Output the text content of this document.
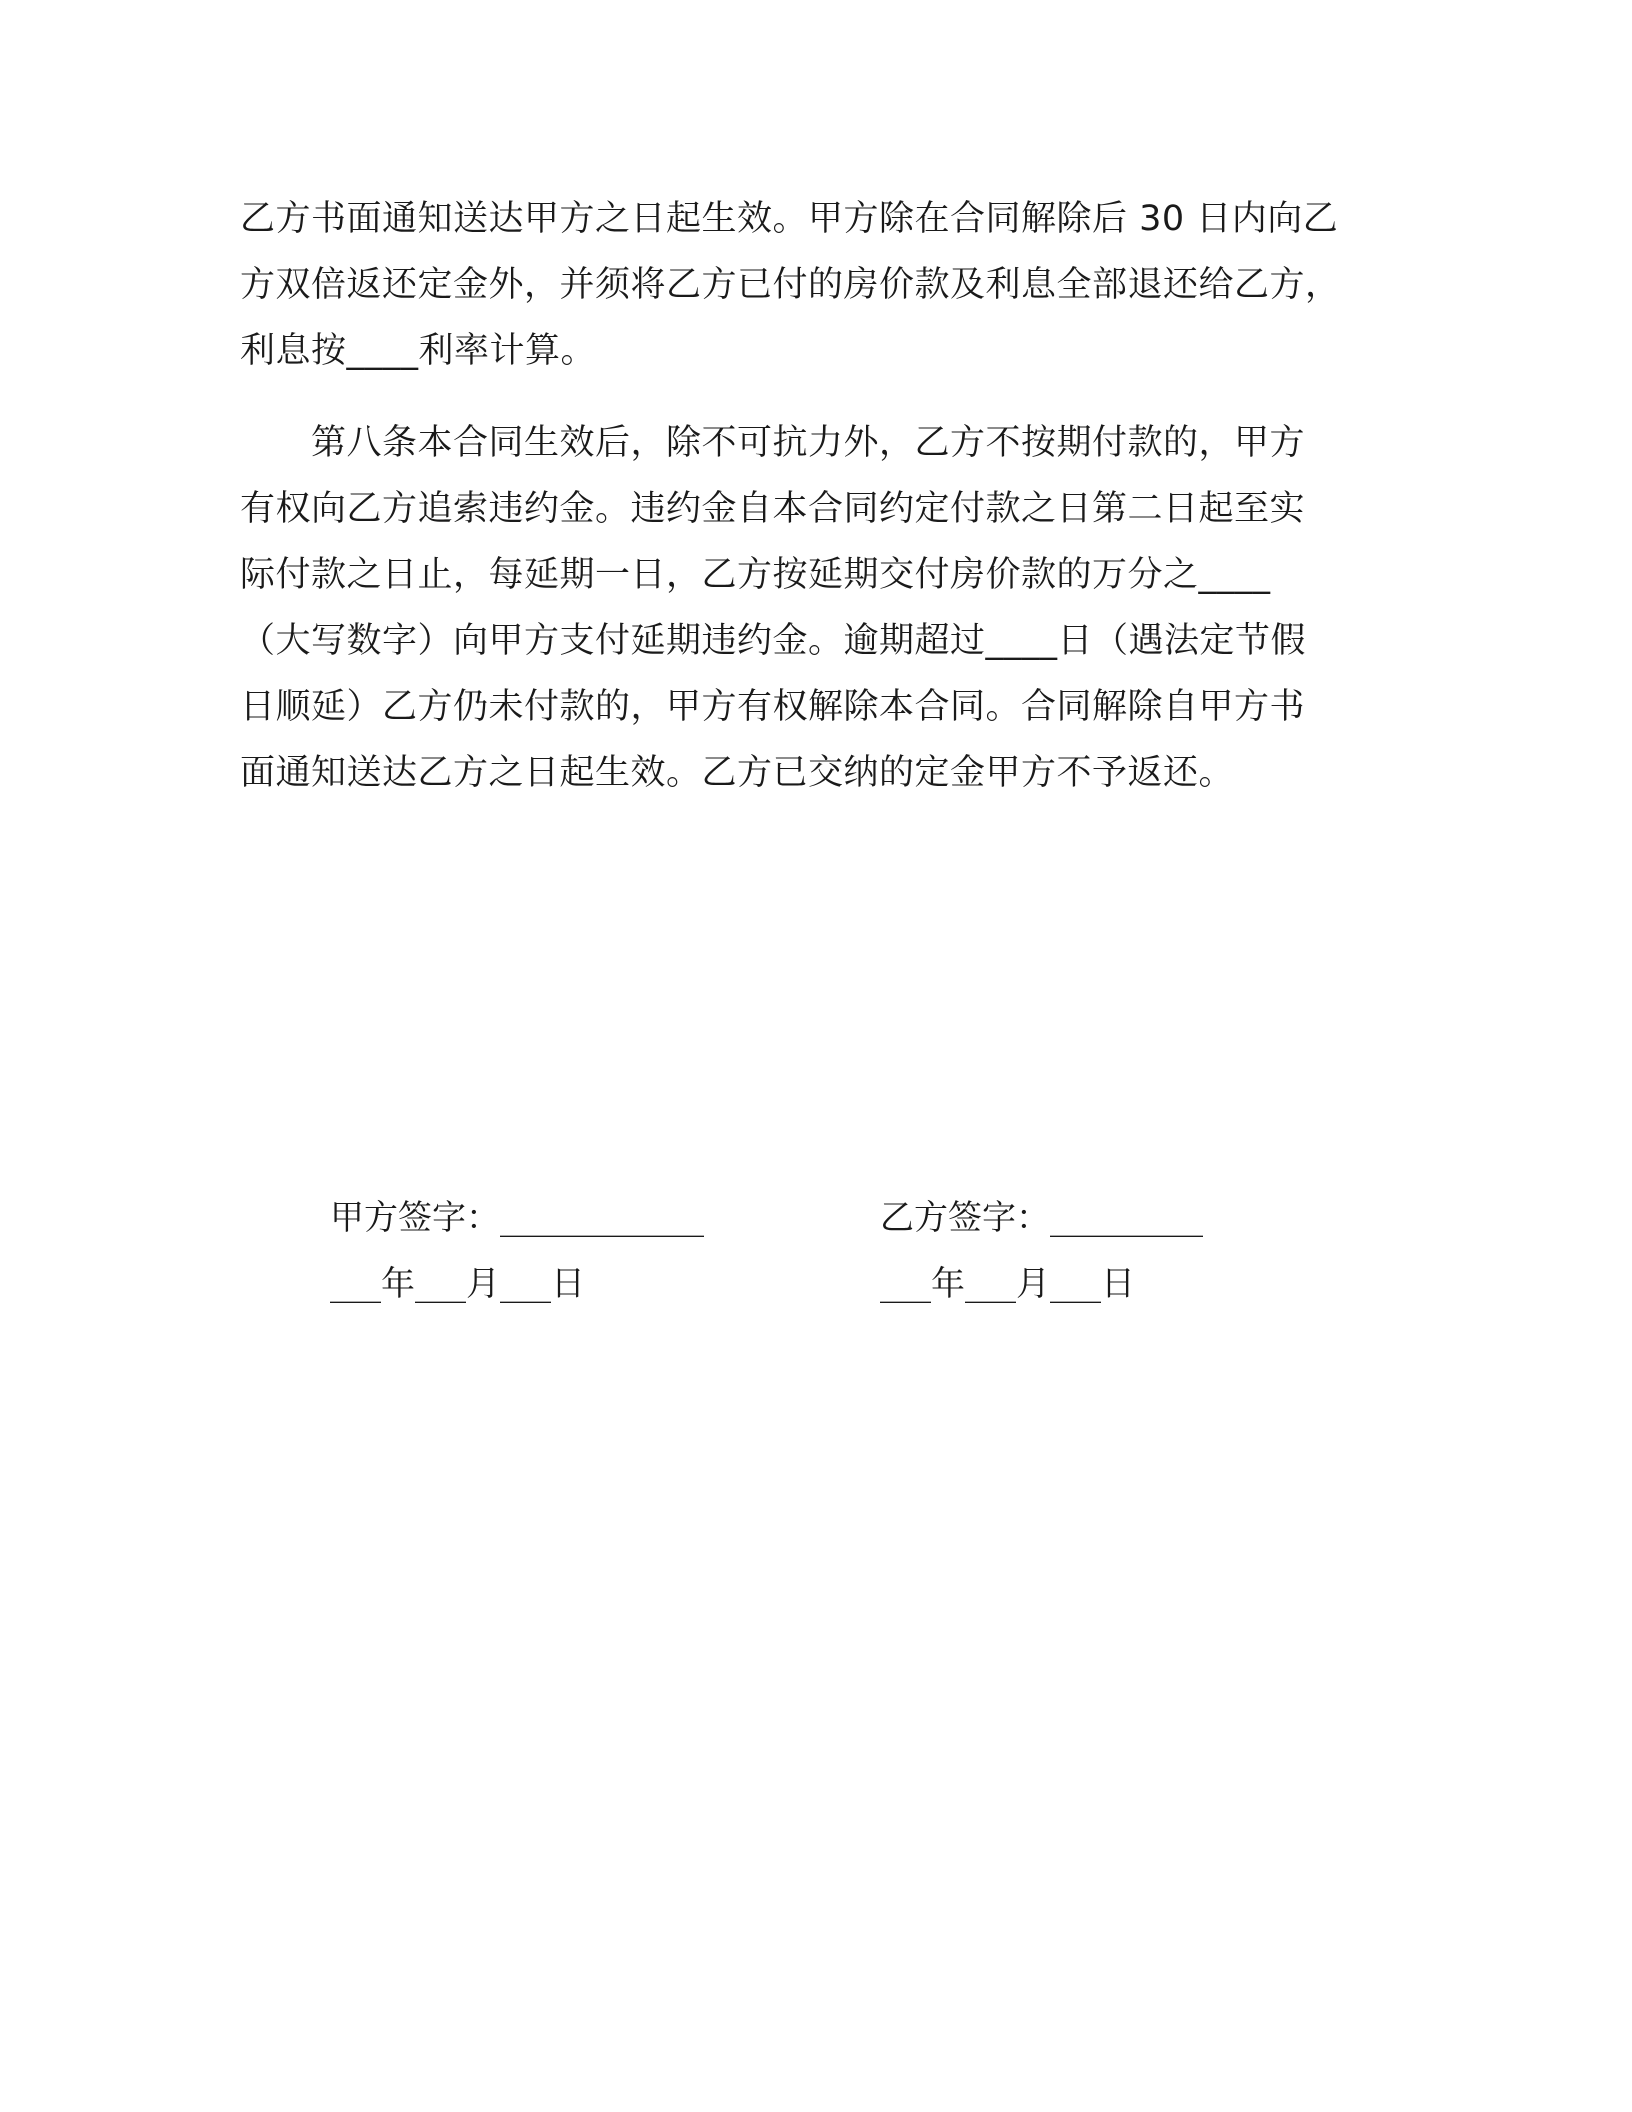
乙方书面通知送达甲方之日起生效。甲方除在合同解除后 30 日内向乙
方双倍返还定金外，并须将乙方已付的房价款及利息全部退还给乙方，
利息按____利率计算。
　　第八条本合同生效后，除不可抗力外，乙方不按期付款的，甲方
有权向乙方追索违约金。违约金自本合同约定付款之日第二日起至实
际付款之日止，每延期一日，乙方按延期交付房价款的万分之____
（大写数字）向甲方支付延期违约金。逾期超过____日（遇法定节假
日顺延）乙方仍未付款的，甲方有权解除本合同。合同解除自甲方书
面通知送达乙方之日起生效。乙方已交纳的定金甲方不予返还。
甲方签字：____________
___年___月___日
乙方签字：_________
___年___月___日
